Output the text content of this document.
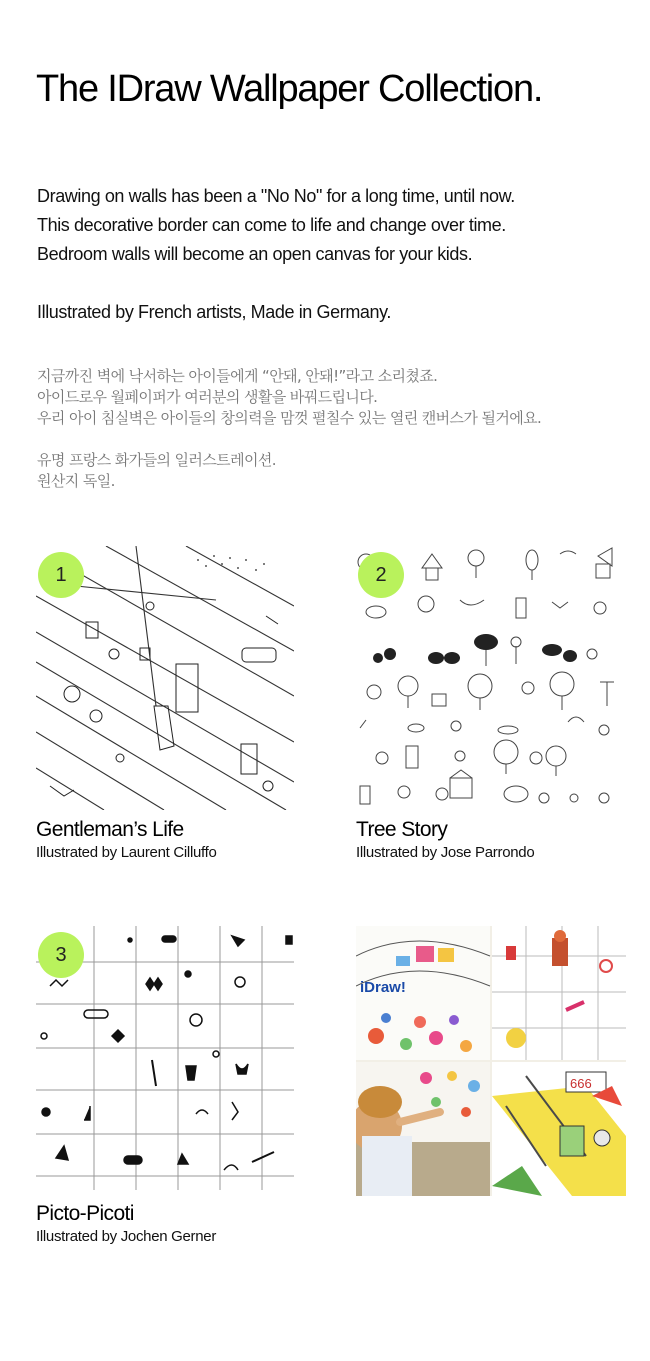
The IDraw Wallpaper Collection.

Drawing on walls has been a "No No" for a long time, until now.

This decorative border can come to life and change over time.

Bedroom walls will become an open canvas for your kids.

Illustrated by French artists, Made in Germany.

지금까진 벽에 낙서하는 아이들에게 “안돼, 안돼!”라고 소리쳤죠.

아이드로우 월페이퍼가 여러분의 생활을 바꿔드립니다.

우리 아이 침실벽은 아이들의 창의력을 맘껏 펼칠수 있는 열린 캔버스가 될거에요.

유명 프랑스 화가들의 일러스트레이션.

원산지 독일.

1
Gentleman’s Life
Illustrated by Laurent Cilluffo
2
Tree Story
Illustrated by Jose Parrondo
3
Picto-Picoti
Illustrated by Jochen Gerner
iDraw!
666
